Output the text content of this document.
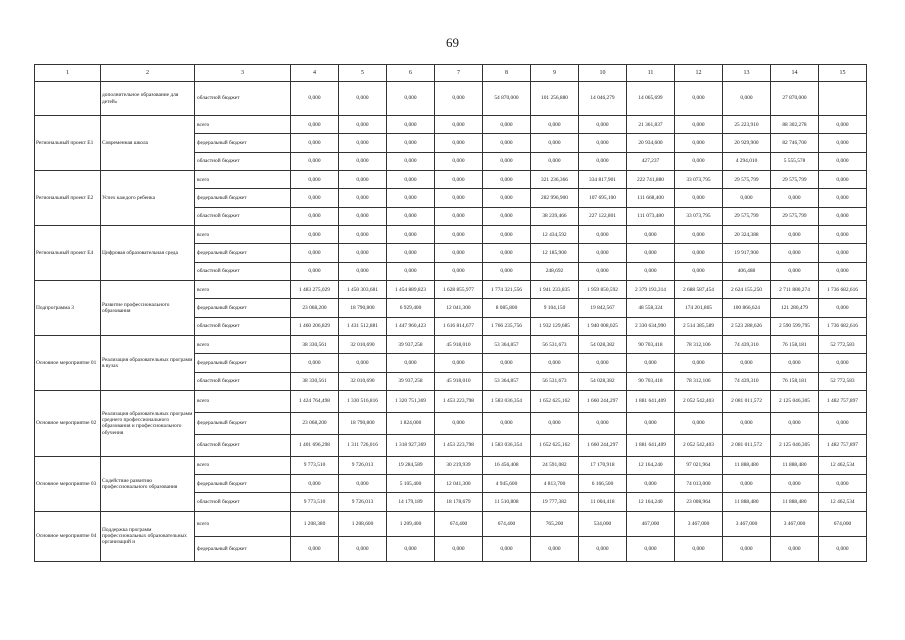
69
1	2	3	4	5	6	7	8	9	10	11	12	13	14	15
	дополнительное образование для детей»	областной бюджет	0,000	0,000	0,000	0,000	54 870,000	101 256,880	14 046,279	14 065,699	0,000	0,000	27 870,000	
Региональный проект E1	Современная школа	всего	0,000	0,000	0,000	0,000	0,000	0,000	0,000	21 361,837	0,000	25 223,910	88 302,278	0,000
		федеральный бюджет	0,000	0,000	0,000	0,000	0,000	0,000	0,000	20 934,600	0,000	20 929,900	82 746,700	0,000
		областной бюджет	0,000	0,000	0,000	0,000	0,000	0,000	0,000	427,237	0,000	4 294,010	5 555,578	0,000
Региональный проект E2	Успех каждого ребенка	всего	0,000	0,000	0,000	0,000	0,000	321 236,366	334 817,901	222 741,880	33 073,795	29 575,799	29 575,799	0,000
		федеральный бюджет	0,000	0,000	0,000	0,000	0,000	282 996,900	107 695,100	111 668,400	0,000	0,000	0,000	0,000
		областной бюджет	0,000	0,000	0,000	0,000	0,000	38 239,466	227 122,801	111 073,480	33 073,795	29 575,799	29 575,799	0,000
Региональный проект E4	Цифровая образовательная среда	всего	0,000	0,000	0,000	0,000	0,000	12 434,592	0,000	0,000	0,000	20 324,388	0,000	0,000
		федеральный бюджет	0,000	0,000	0,000	0,000	0,000	12 185,900	0,000	0,000	0,000	19 917,900	0,000	0,000
		областной бюджет	0,000	0,000	0,000	0,000	0,000	248,692	0,000	0,000	0,000	406,488	0,000	0,000
Подпрограмма 3	Развитие профессионального образования	всего	1 483 275,029	1 450 303,681	1 454 889,823	1 628 855,977	1 774 321,556	1 941 233,835	1 959 850,592	2 379 193,314	2 688 587,454	2 624 155,250	2 711 880,274	1 736 682,616
		федеральный бюджет	23 068,200	18 790,800	6 929,400	12 041,300	8 085,800	9 104,150	19 842,567	48 558,324	174 201,865	100 866,624	121 280,479	0,000
		областной бюджет	1 460 206,829	1 431 512,881	1 447 960,423	1 616 814,677	1 766 235,756	1 932 129,685	1 940 008,025	2 330 634,990	2 514 385,589	2 523 288,626	2 590 599,795	1 736 682,616
Основное мероприятие 01	Реализация образовательных программ в вузах	всего	38 330,561	32 010,690	39 937,258	45 918,010	53 364,857	56 531,673	54 028,382	90 703,418	78 312,106	74 439,310	76 158,181	52 772,583
		федеральный бюджет	0,000	0,000	0,000	0,000	0,000	0,000	0,000	0,000	0,000	0,000	0,000	0,000
		областной бюджет	38 330,561	32 010,690	39 937,258	45 918,010	53 364,857	56 531,673	54 028,382	90 703,418	78 312,106	74 439,310	76 158,181	52 772,583
Основное мероприятие 02	Реализация образовательных программ среднего профессионального образования и профессионального обучения	всего	1 424 764,498	1 330 516,816	1 320 751,369	1 453 223,798	1 583 036,354	1 652 625,162	1 660 244,297	1 881 641,409	2 052 542,403	2 081 011,572	2 125 046,305	1 482 757,897
		федеральный бюджет	23 068,200	18 790,800	1 824,000	0,000	0,000	0,000	0,000	0,000	0,000	0,000	0,000	0,000
		областной бюджет	1 401 696,298	1 311 726,016	1 318 927,369	1 453 223,798	1 583 036,354	1 652 625,162	1 660 244,297	1 881 641,409	2 052 542,403	2 081 011,572	2 125 046,305	1 482 757,897
Основное мероприятие 03	Содействие развитию профессионального образования	всего	9 773,510	9 726,013	19 284,589	30 219,939	16 456,408	24 591,082	17 170,918	12 164,240	97 021,964	11 888,480	11 888,480	12 462,534
		федеральный бюджет	0,000	0,000	5 105,400	12 041,300	4 945,600	4 813,700	6 166,500	0,000	74 013,000	0,000	0,000	0,000
		областной бюджет	9 773,510	9 726,013	14 179,189	18 178,679	11 510,808	19 777,382	11 004,418	12 164,240	23 008,964	11 888,480	11 888,480	12 462,534
Основное мероприятие 04	Поддержка программ профессиональных образовательных организаций и	всего	1 208,380	1 208,600	1 209,400	674,400	674,400	765,200	534,000	467,000	3 467,000	3 467,000	3 467,000	674,000
		федеральный бюджет	0,000	0,000	0,000	0,000	0,000	0,000	0,000	0,000	0,000	0,000	0,000	0,000
